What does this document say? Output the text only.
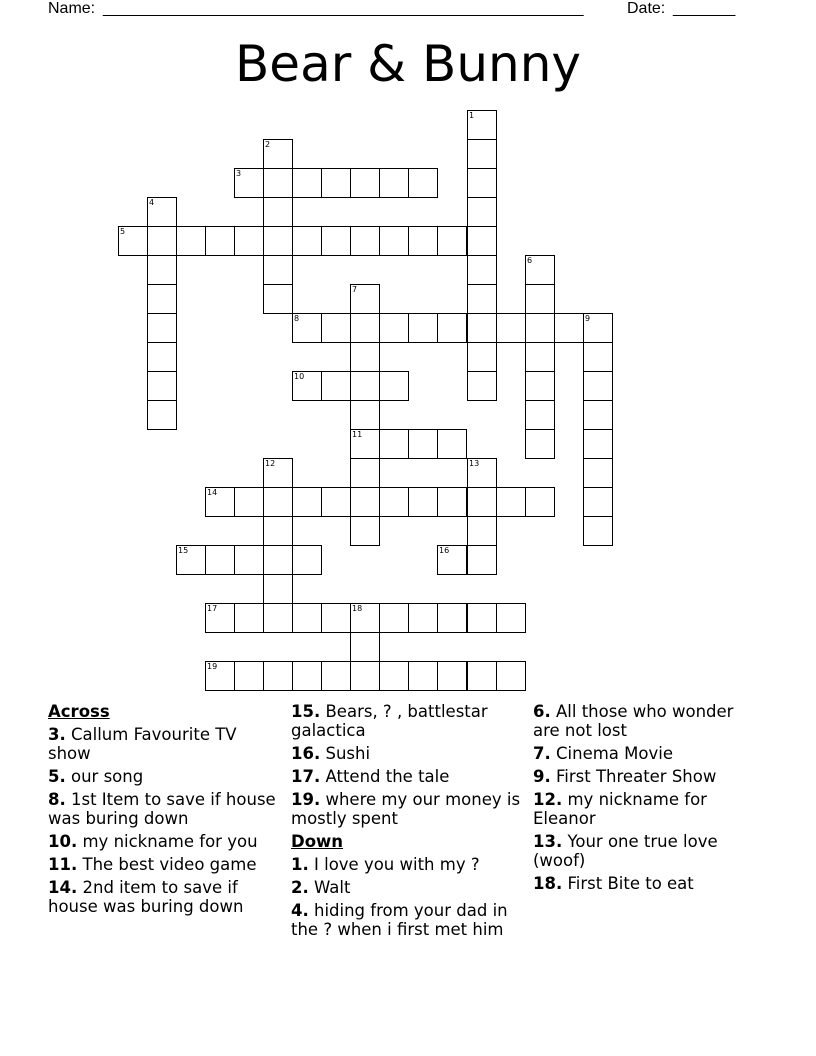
Name: ______________________________________________________	Date: _______
Bear & Bunny
1
2
3
4
5
6
7
8	9
10
11
12	13
14
15	16
17	18
19
Across
3. Callum Favourite TV show
5. our song
8. 1st Item to save if house was buring down
10. my nickname for you
11. The best video game
14. 2nd item to save if house was buring down
15. Bears, ? , battlestar galactica
16. Sushi
17. Attend the tale
19. where my our money is mostly spent
Down
1. I love you with my ?
2. Walt
4. hiding from your dad in the ? when i first met him
6. All those who wonder are not lost
7. Cinema Movie
9. First Threater Show
12. my nickname for Eleanor
13. Your one true love (woof)
18. First Bite to eat
